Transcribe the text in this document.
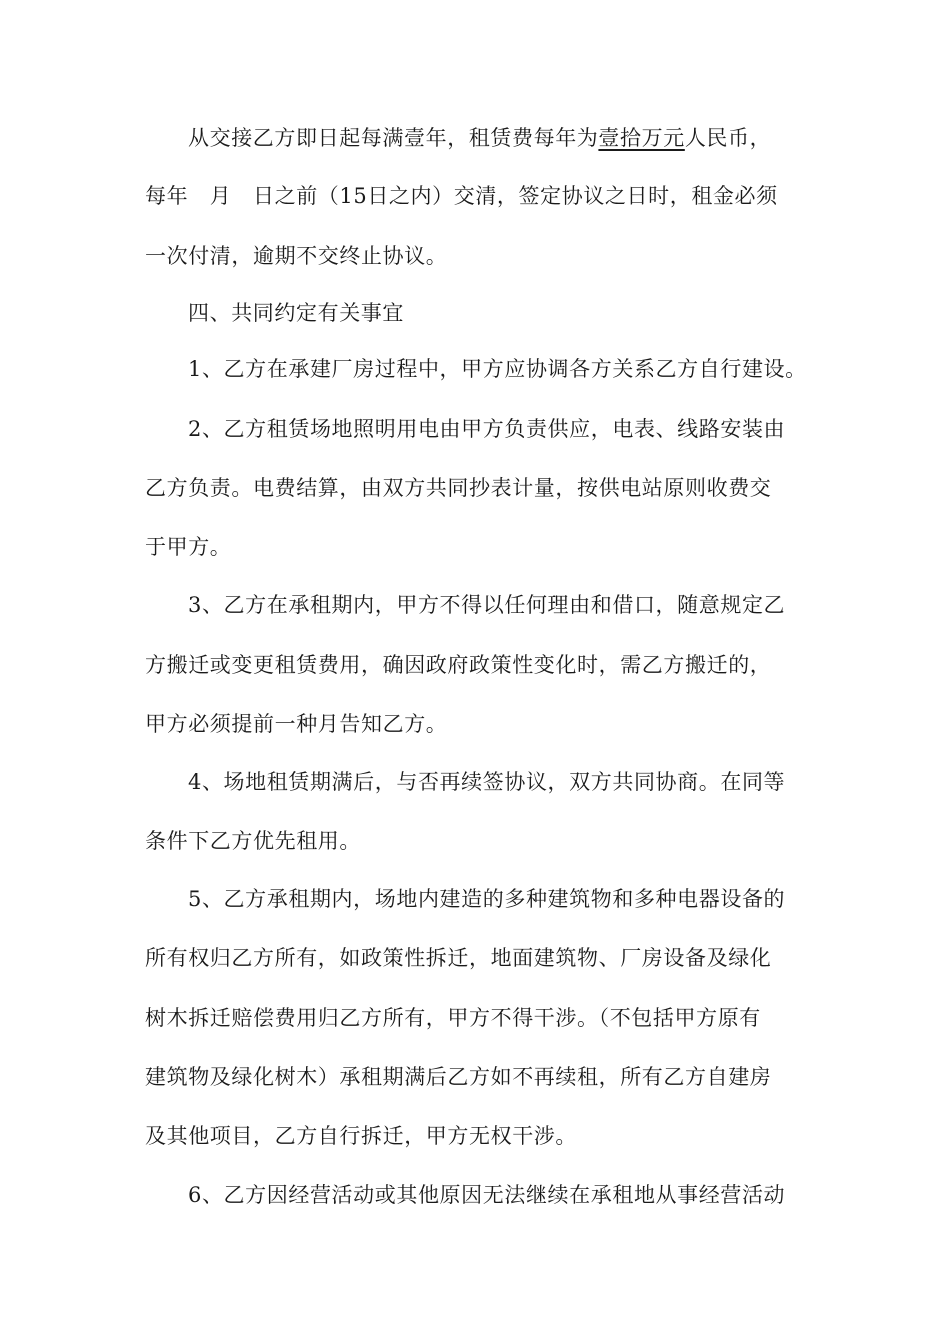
从交接乙方即日起每满壹年，租赁费每年为壹拾万元人民币，
每年　月　日之前（15日之内）交清，签定协议之日时，租金必须
一次付清，逾期不交终止协议。
四、共同约定有关事宜
1、乙方在承建厂房过程中，甲方应协调各方关系乙方自行建设。
2、乙方租赁场地照明用电由甲方负责供应，电表、线路安装由
乙方负责。电费结算，由双方共同抄表计量，按供电站原则收费交
于甲方。
3、乙方在承租期内，甲方不得以任何理由和借口，随意规定乙
方搬迁或变更租赁费用，确因政府政策性变化时，需乙方搬迁的，
甲方必须提前一种月告知乙方。
4、场地租赁期满后，与否再续签协议，双方共同协商。在同等
条件下乙方优先租用。
5、乙方承租期内，场地内建造的多种建筑物和多种电器设备的
所有权归乙方所有，如政策性拆迁，地面建筑物、厂房设备及绿化
树木拆迁赔偿费用归乙方所有，甲方不得干涉。（不包括甲方原有
建筑物及绿化树木）承租期满后乙方如不再续租，所有乙方自建房
及其他项目，乙方自行拆迁，甲方无权干涉。
6、乙方因经营活动或其他原因无法继续在承租地从事经营活动
